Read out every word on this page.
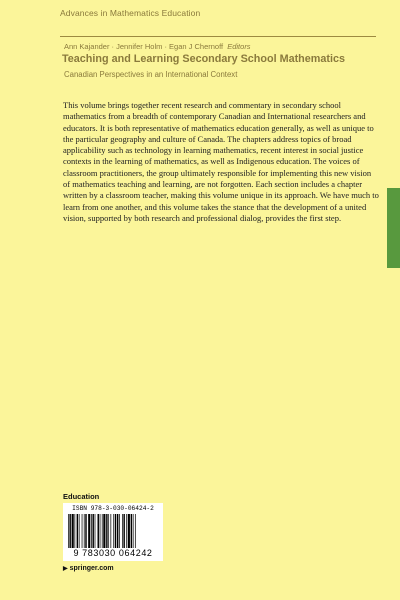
Advances in Mathematics Education
Ann Kajander · Jennifer Holm · Egan J Chernoff Editors
Teaching and Learning Secondary School Mathematics
Canadian Perspectives in an International Context
This volume brings together recent research and commentary in secondary school mathematics from a breadth of contemporary Canadian and International researchers and educators. It is both representative of mathematics education generally, as well as unique to the particular geography and culture of Canada. The chapters address topics of broad applicability such as technology in learning mathematics, recent interest in social justice contexts in the learning of mathematics, as well as Indigenous education. The voices of classroom practitioners, the group ultimately responsible for implementing this new vision of mathematics teaching and learning, are not forgotten. Each section includes a chapter written by a classroom teacher, making this volume unique in its approach. We have much to learn from one another, and this volume takes the stance that the development of a united vision, supported by both research and professional dialog, provides the first step.
Education
ISBN 978-3-030-06424-2
9 783030 064242
▶ springer.com
